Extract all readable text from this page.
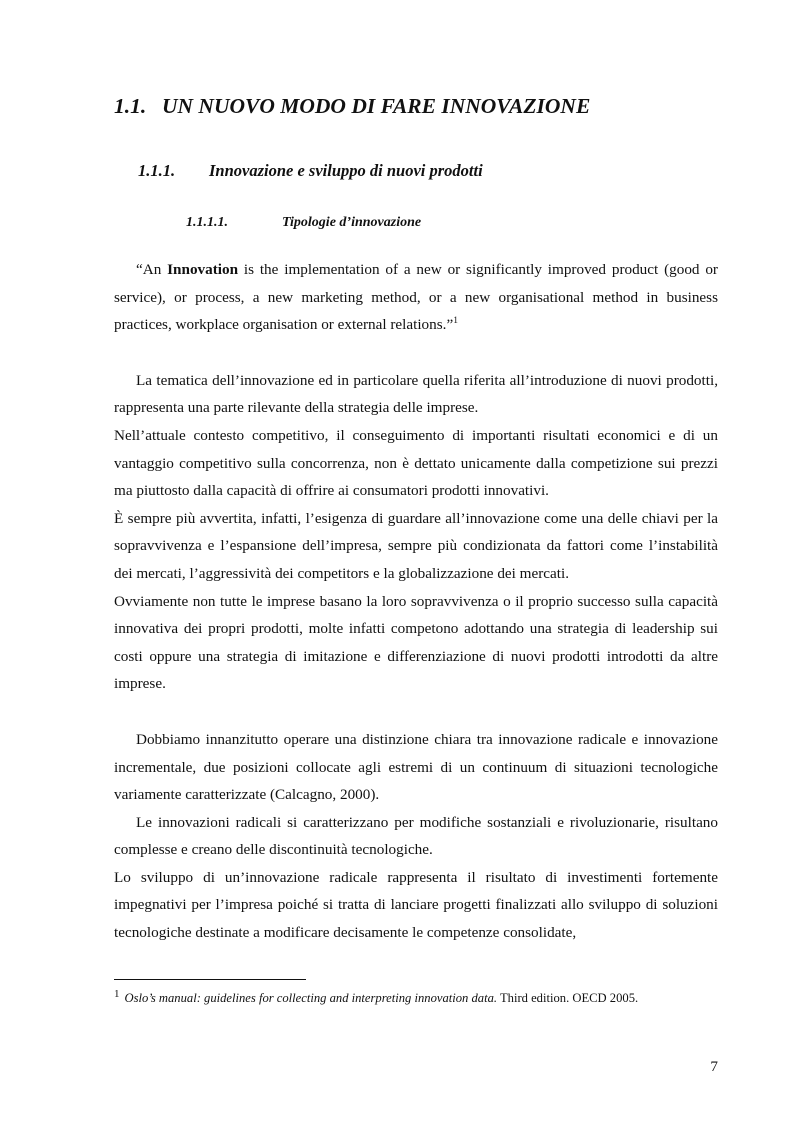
1.1. UN NUOVO MODO DI FARE INNOVAZIONE
1.1.1. Innovazione e sviluppo di nuovi prodotti
1.1.1.1.	Tipologie d’innovazione

“An Innovation is the implementation of a new or significantly improved product (good or service), or process, a new marketing method, or a new organisational method in business practices, workplace organisation or external relations.”$^1$

La tematica dell’innovazione ed in particolare quella riferita all’introduzione di nuovi prodotti, rappresenta una parte rilevante della strategia delle imprese.

Nell’attuale contesto competitivo, il conseguimento di importanti risultati economici e di un vantaggio competitivo sulla concorrenza, non è dettato unicamente dalla competizione sui prezzi ma piuttosto dalla capacità di offrire ai consumatori prodotti innovativi.

È sempre più avvertita, infatti, l’esigenza di guardare all’innovazione come una delle chiavi per la sopravvivenza e l’espansione dell’impresa, sempre più condizionata da fattori come l’instabilità dei mercati, l’aggressività dei competitors e la globalizzazione dei mercati.

Ovviamente non tutte le imprese basano la loro sopravvivenza o il proprio successo sulla capacità innovativa dei propri prodotti, molte infatti competono adottando una strategia di leadership sui costi oppure una strategia di imitazione e differenziazione di nuovi prodotti introdotti da altre imprese.

Dobbiamo innanzitutto operare una distinzione chiara tra innovazione radicale e innovazione incrementale, due posizioni collocate agli estremi di un continuum di situazioni tecnologiche variamente caratterizzate (Calcagno, 2000).

Le innovazioni radicali si caratterizzano per modifiche sostanziali e rivoluzionarie, risultano complesse e creano delle discontinuità tecnologiche.

Lo sviluppo di un’innovazione radicale rappresenta il risultato di investimenti fortemente impegnativi per l’impresa poiché si tratta di lanciare progetti finalizzati allo sviluppo di soluzioni tecnologiche destinate a modificare decisamente le competenze consolidate,

1 Oslo’s manual: guidelines for collecting and interpreting innovation data. Third edition. OECD 2005.
7
